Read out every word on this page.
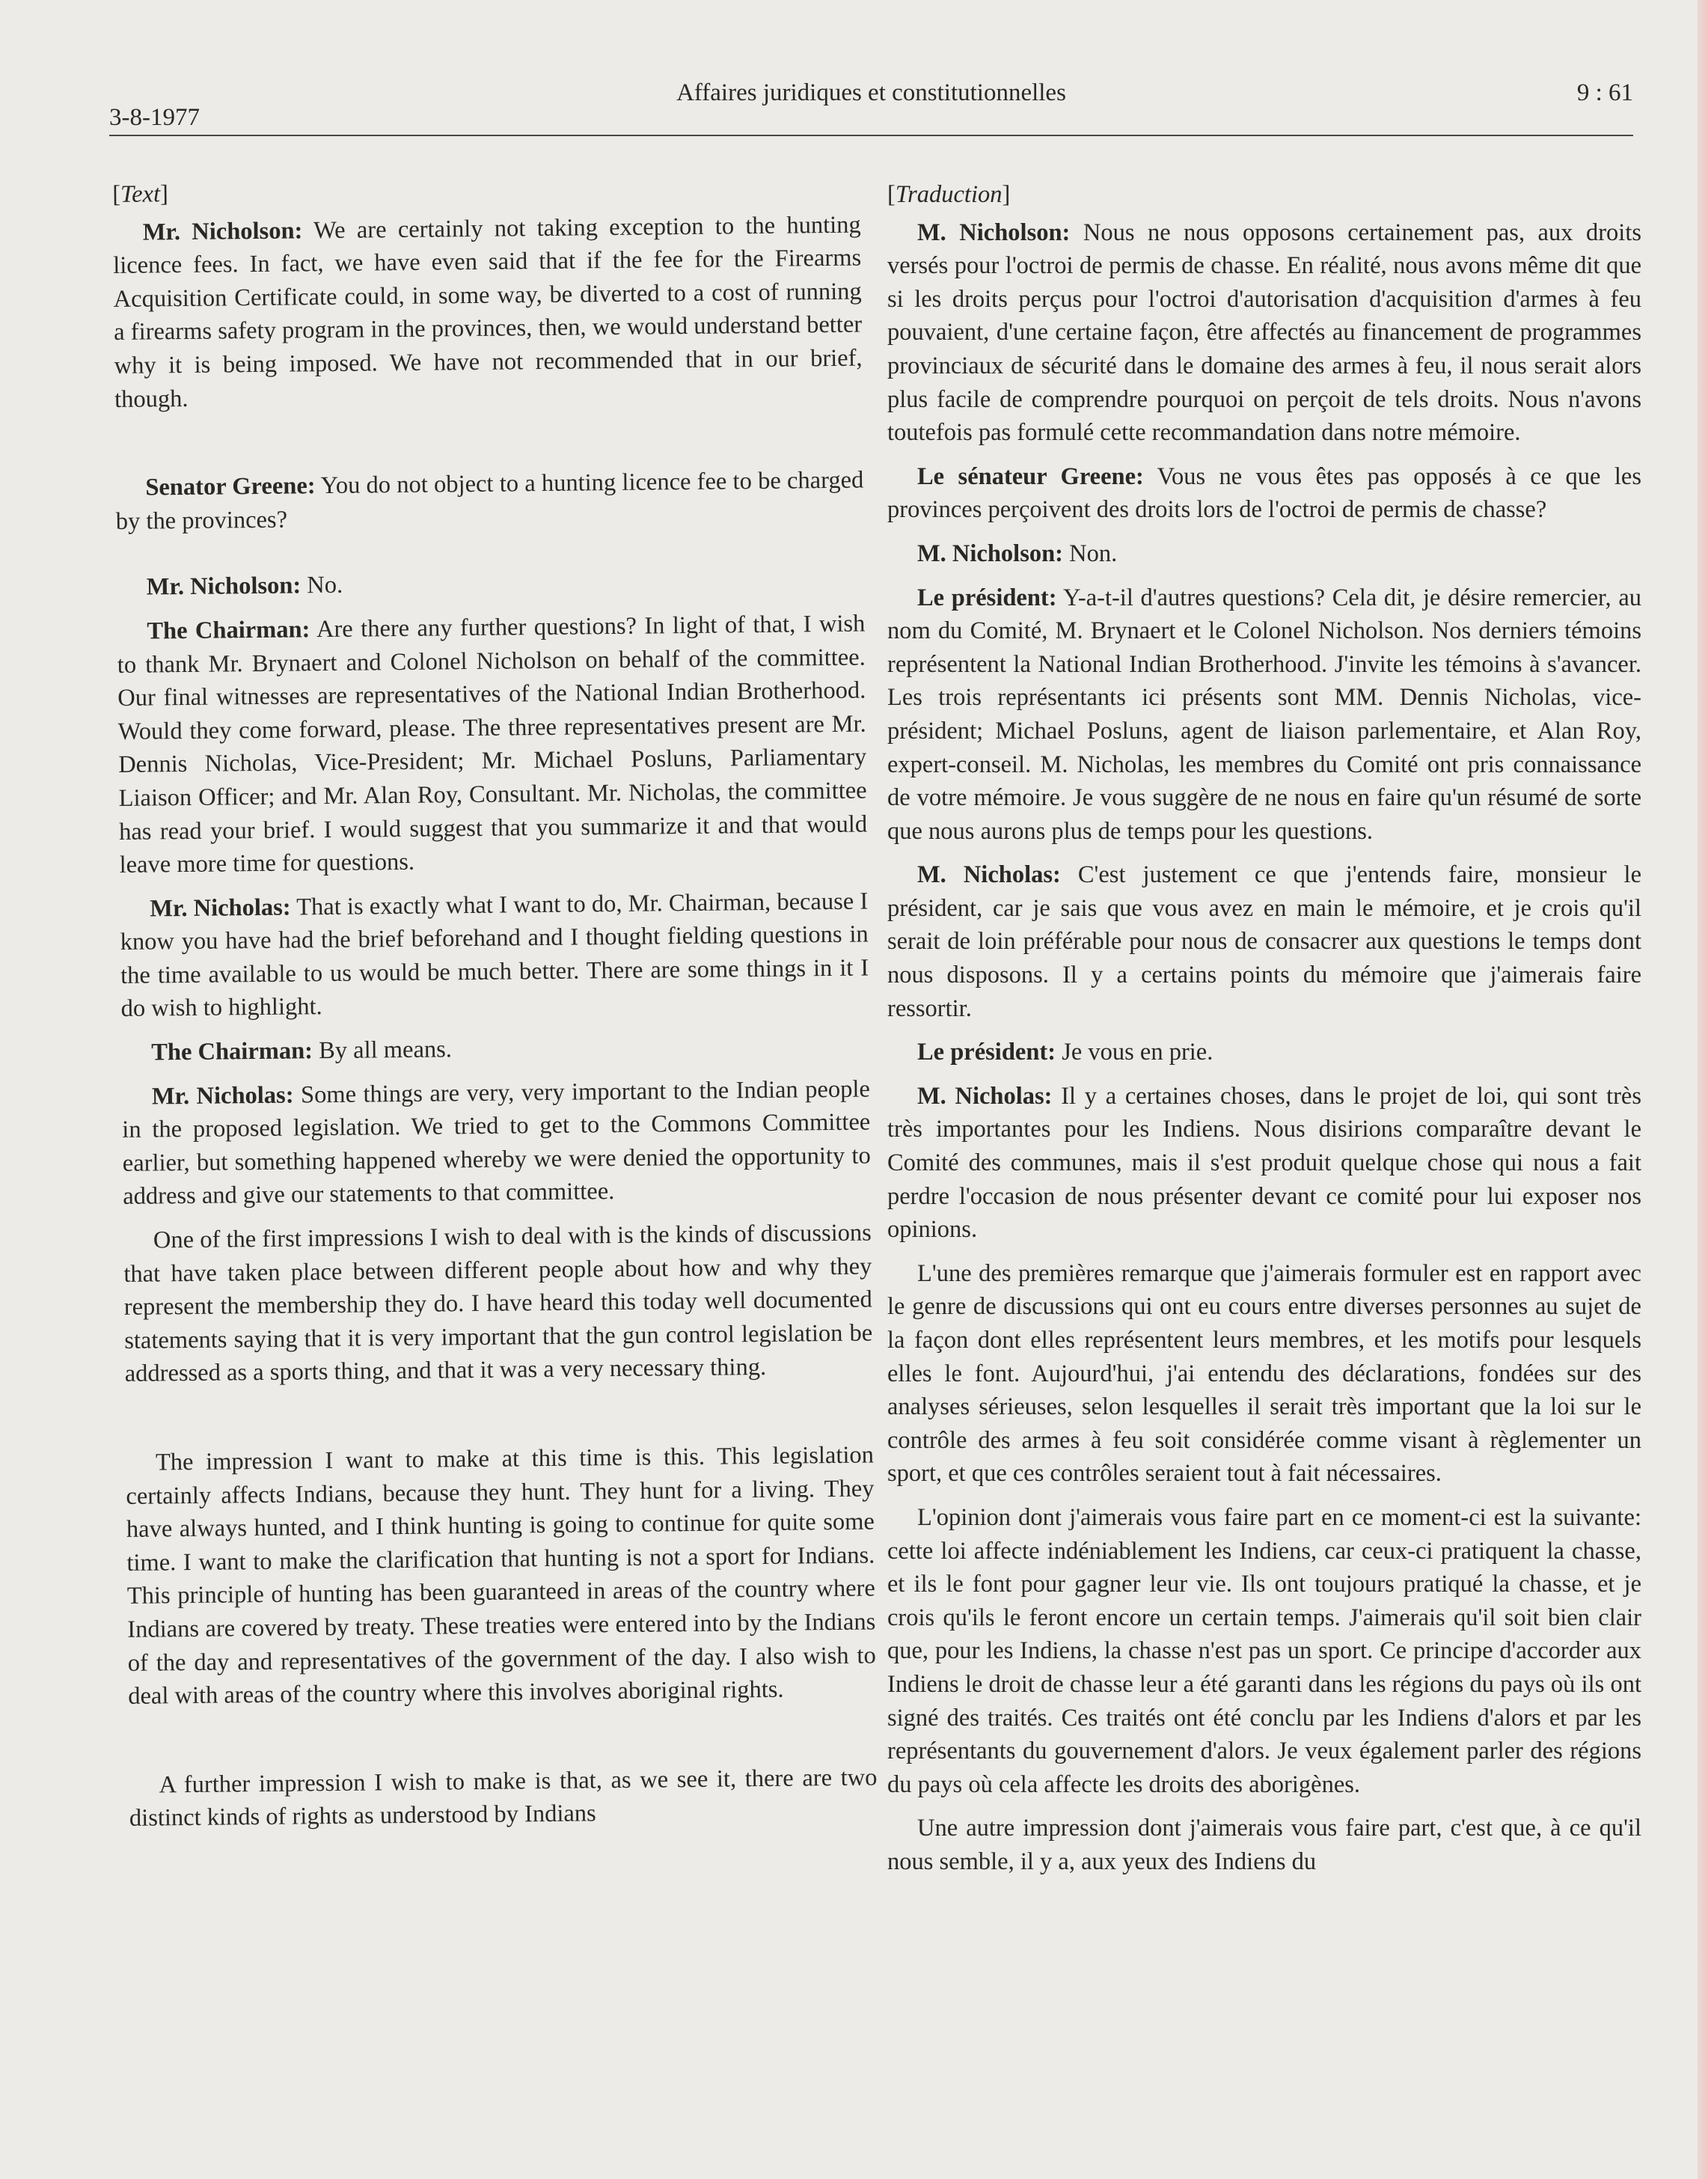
3-8-1977
Affaires juridiques et constitutionnelles	9 : 61

[Text]

Mr. Nicholson: We are certainly not taking exception to the hunting licence fees. In fact, we have even said that if the fee for the Firearms Acquisition Certificate could, in some way, be diverted to a cost of running a firearms safety program in the provinces, then, we would understand better why it is being imposed. We have not recommended that in our brief, though.

Senator Greene: You do not object to a hunting licence fee to be charged by the provinces?

Mr. Nicholson: No.

The Chairman: Are there any further questions? In light of that, I wish to thank Mr. Brynaert and Colonel Nicholson on behalf of the committee. Our final witnesses are representatives of the National Indian Brotherhood. Would they come forward, please. The three representatives present are Mr. Dennis Nicholas, Vice-President; Mr. Michael Posluns, Parliamentary Liaison Officer; and Mr. Alan Roy, Consultant. Mr. Nicholas, the committee has read your brief. I would suggest that you summarize it and that would leave more time for questions.

Mr. Nicholas: That is exactly what I want to do, Mr. Chairman, because I know you have had the brief beforehand and I thought fielding questions in the time available to us would be much better. There are some things in it I do wish to highlight.

The Chairman: By all means.

Mr. Nicholas: Some things are very, very important to the Indian people in the proposed legislation. We tried to get to the Commons Committee earlier, but something happened whereby we were denied the opportunity to address and give our statements to that committee.

One of the first impressions I wish to deal with is the kinds of discussions that have taken place between different people about how and why they represent the membership they do. I have heard this today well documented statements saying that it is very important that the gun control legislation be addressed as a sports thing, and that it was a very necessary thing.

The impression I want to make at this time is this. This legislation certainly affects Indians, because they hunt. They hunt for a living. They have always hunted, and I think hunting is going to continue for quite some time. I want to make the clarification that hunting is not a sport for Indians. This principle of hunting has been guaranteed in areas of the country where Indians are covered by treaty. These treaties were entered into by the Indians of the day and representatives of the government of the day. I also wish to deal with areas of the country where this involves aboriginal rights.

A further impression I wish to make is that, as we see it, there are two distinct kinds of rights as understood by Indians

[Traduction]

M. Nicholson: Nous ne nous opposons certainement pas, aux droits versés pour l'octroi de permis de chasse. En réalité, nous avons même dit que si les droits perçus pour l'octroi d'autorisation d'acquisition d'armes à feu pouvaient, d'une certaine façon, être affectés au financement de programmes provinciaux de sécurité dans le domaine des armes à feu, il nous serait alors plus facile de comprendre pourquoi on perçoit de tels droits. Nous n'avons toutefois pas formulé cette recommandation dans notre mémoire.

Le sénateur Greene: Vous ne vous êtes pas opposés à ce que les provinces perçoivent des droits lors de l'octroi de permis de chasse?

M. Nicholson: Non.

Le président: Y-a-t-il d'autres questions? Cela dit, je désire remercier, au nom du Comité, M. Brynaert et le Colonel Nicholson. Nos derniers témoins représentent la National Indian Brotherhood. J'invite les témoins à s'avancer. Les trois représentants ici présents sont MM. Dennis Nicholas, vice-président; Michael Posluns, agent de liaison parlementaire, et Alan Roy, expert-conseil. M. Nicholas, les membres du Comité ont pris connaissance de votre mémoire. Je vous suggère de ne nous en faire qu'un résumé de sorte que nous aurons plus de temps pour les questions.

M. Nicholas: C'est justement ce que j'entends faire, monsieur le président, car je sais que vous avez en main le mémoire, et je crois qu'il serait de loin préférable pour nous de consacrer aux questions le temps dont nous disposons. Il y a certains points du mémoire que j'aimerais faire ressortir.

Le président: Je vous en prie.

M. Nicholas: Il y a certaines choses, dans le projet de loi, qui sont très très importantes pour les Indiens. Nous disirions comparaître devant le Comité des communes, mais il s'est produit quelque chose qui nous a fait perdre l'occasion de nous présenter devant ce comité pour lui exposer nos opinions.

L'une des premières remarque que j'aimerais formuler est en rapport avec le genre de discussions qui ont eu cours entre diverses personnes au sujet de la façon dont elles représentent leurs membres, et les motifs pour lesquels elles le font. Aujourd'hui, j'ai entendu des déclarations, fondées sur des analyses sérieuses, selon lesquelles il serait très important que la loi sur le contrôle des armes à feu soit considérée comme visant à règlementer un sport, et que ces contrôles seraient tout à fait nécessaires.

L'opinion dont j'aimerais vous faire part en ce moment-ci est la suivante: cette loi affecte indéniablement les Indiens, car ceux-ci pratiquent la chasse, et ils le font pour gagner leur vie. Ils ont toujours pratiqué la chasse, et je crois qu'ils le feront encore un certain temps. J'aimerais qu'il soit bien clair que, pour les Indiens, la chasse n'est pas un sport. Ce principe d'accorder aux Indiens le droit de chasse leur a été garanti dans les régions du pays où ils ont signé des traités. Ces traités ont été conclu par les Indiens d'alors et par les représentants du gouvernement d'alors. Je veux également parler des régions du pays où cela affecte les droits des aborigènes.

Une autre impression dont j'aimerais vous faire part, c'est que, à ce qu'il nous semble, il y a, aux yeux des Indiens du
